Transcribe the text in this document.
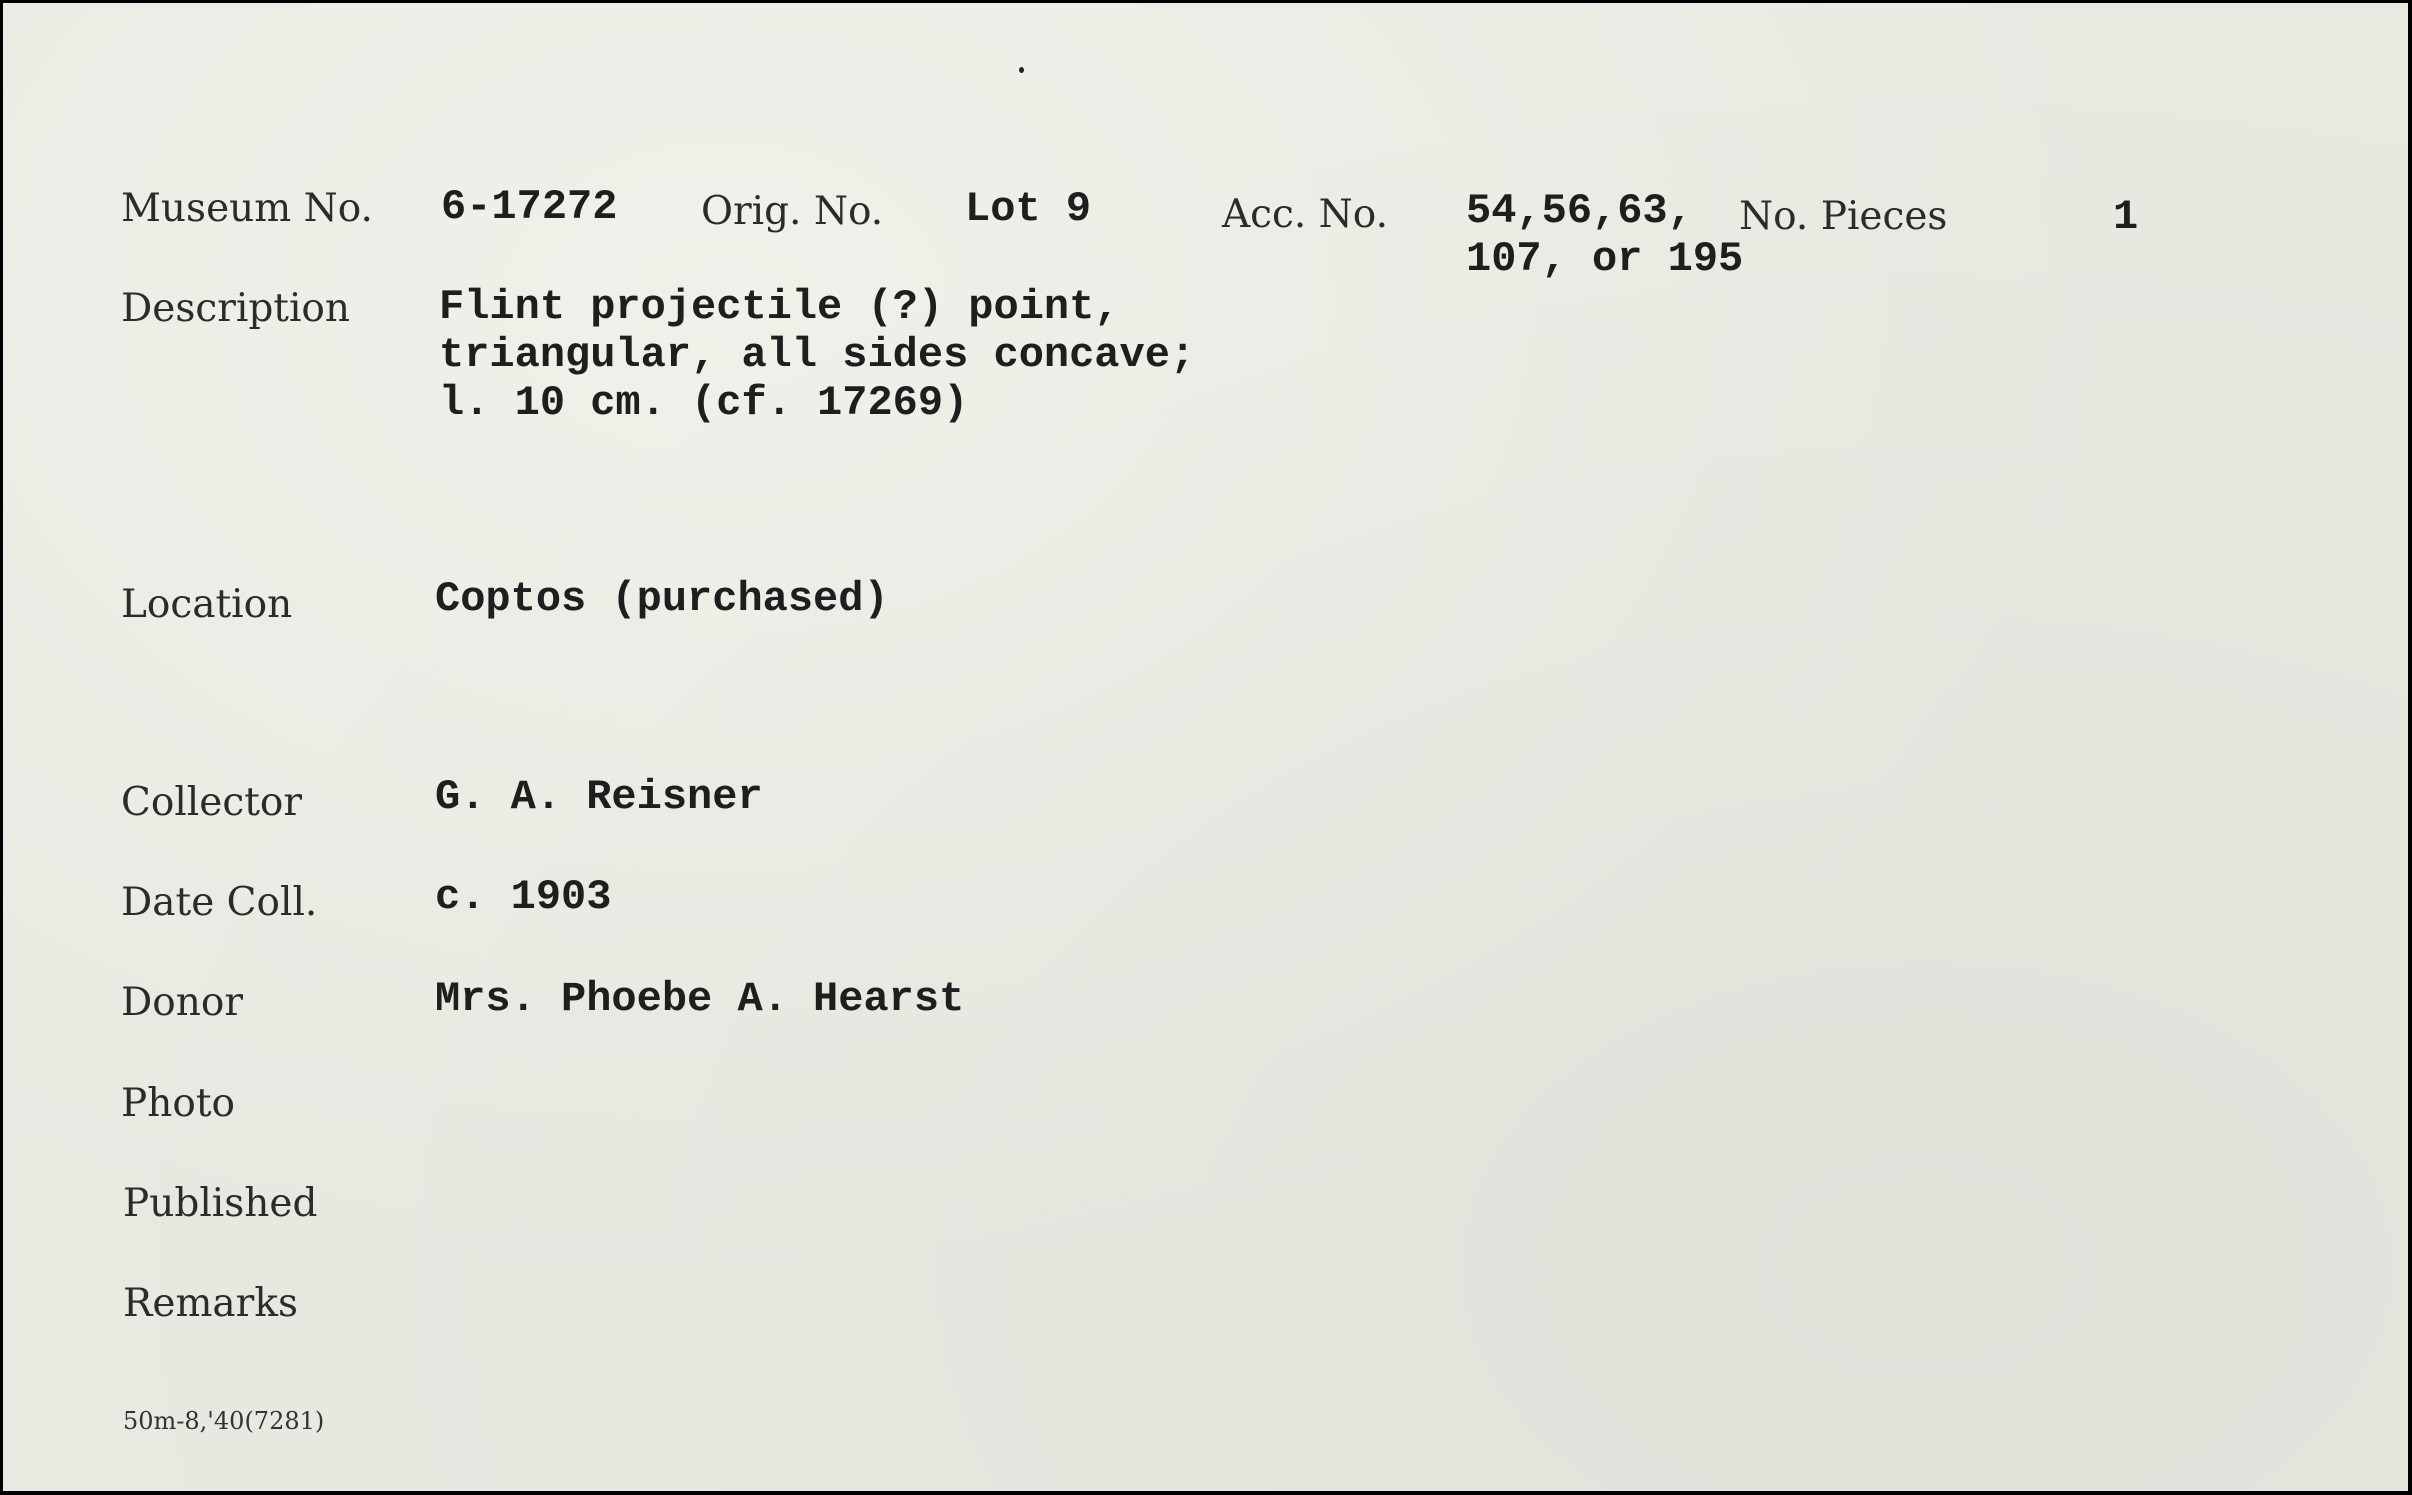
Museum No. 6-17272 Orig. No. Lot 9	Acc. No. 54,56,63,
107, or 195
No. Pieces	1
Description Flint projectile (?) point,
triangular, all sides concave;
l. 10 cm. (cf. 17269)
Location	Coptos (purchased)
Collector	G. A. Reisner
Date Coll.	c. 1903
Donor	Mrs. Phoebe A. Hearst
Photo
Published
Remarks
50m-8,'40(7281)
